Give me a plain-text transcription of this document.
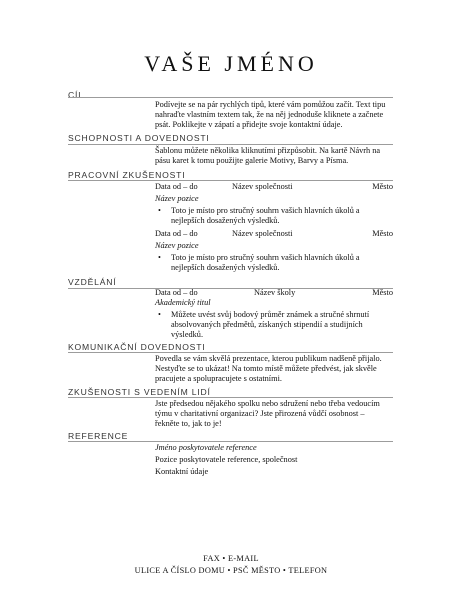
VAŠE JMÉNO
CÍL
Podívejte se na pár rychlých tipů, které vám pomůžou začít. Text tipu nahraďte vlastním textem tak, že na něj jednoduše kliknete a začnete psát. Poklikejte v zápatí a přidejte svoje kontaktní údaje.
SCHOPNOSTI A DOVEDNOSTI
Šablonu můžete několika kliknutími přizpůsobit. Na kartě Návrh na pásu karet k tomu použijte galerie Motivy, Barvy a Písma.
PRACOVNÍ ZKUŠENOSTI
Data od – do	Název společnosti	Město
Název pozice
• Toto je místo pro stručný souhrn vašich hlavních úkolů a nejlepších dosažených výsledků.
Data od – do	Název společnosti	Město
Název pozice
• Toto je místo pro stručný souhrn vašich hlavních úkolů a nejlepších dosažených výsledků.
VZDĚLÁNÍ
Data od – do	Název školy	Město
Akademický titul
• Můžete uvést svůj bodový průměr známek a stručné shrnutí absolvovaných předmětů, získaných stipendií a studijních výsledků.
KOMUNIKAČNÍ DOVEDNOSTI
Povedla se vám skvělá prezentace, kterou publikum nadšeně přijalo. Nestyďte se to ukázat! Na tomto místě můžete předvést, jak skvěle pracujete a spolupracujete s ostatními.
ZKUŠENOSTI S VEDENÍM LIDÍ
Jste předsedou nějakého spolku nebo sdružení nebo třeba vedoucím týmu v charitativní organizaci? Jste přirozená vůdčí osobnost – řekněte to, jak to je!
REFERENCE
Jméno poskytovatele reference
Pozice poskytovatele reference, společnost
Kontaktní údaje
FAX • E-MAIL
ULICE A ČÍSLO DOMU • PSČ MĚSTO • TELEFON
